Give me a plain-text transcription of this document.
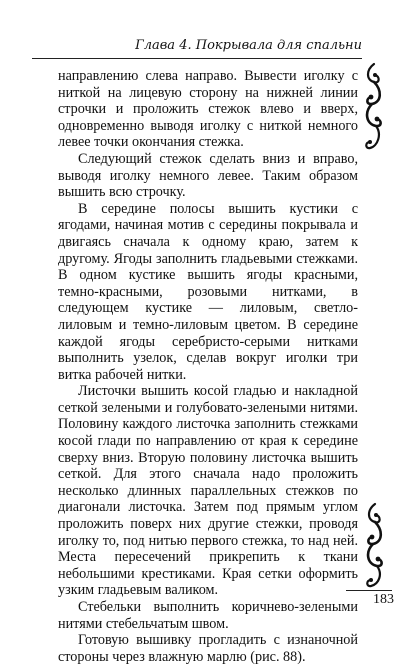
Глава 4. Покрывала для спальни

направлению слева направо. Вывести иголку с ниткой на лицевую сторону на нижней линии строчки и проложить стежок влево и вверх, одновременно выводя иголку с ниткой немного левее точки окончания стежка.

Следующий стежок сделать вниз и вправо, выводя иголку немного левее. Таким образом вышить всю строчку.

В середине полосы вышить кустики с ягодами, начиная мотив с середины покрывала и двигаясь сначала к одному краю, затем к другому. Ягоды заполнить гладьевыми стежками. В одном кустике вышить ягоды красными, темно-красными, розовыми нитками, в следующем кустике — лиловым, светло-лиловым и темно-лиловым цветом. В середине каждой ягоды серебристо-серыми нитками выполнить узелок, сделав вокруг иголки три витка рабочей нитки.

Листочки вышить косой гладью и накладной сеткой зелеными и голубовато-зелеными нитями. Половину каждого листочка заполнить стежками косой глади по направлению от края к середине сверху вниз. Вторую половину листочка вышить сеткой. Для этого сначала надо проложить несколько длинных параллельных стежков по диагонали листочка. Затем под прямым углом проложить поверх них другие стежки, проводя иголку то, под нитью первого стежка, то над ней. Места пересечений прикрепить к ткани небольшими крестиками. Края сетки оформить узким гладьевым валиком.

Стебельки выполнить коричнево-зелеными нитями стебельчатым швом.

Готовую вышивку прогладить с изнаночной стороны через влажную марлю (рис. 88).

183
